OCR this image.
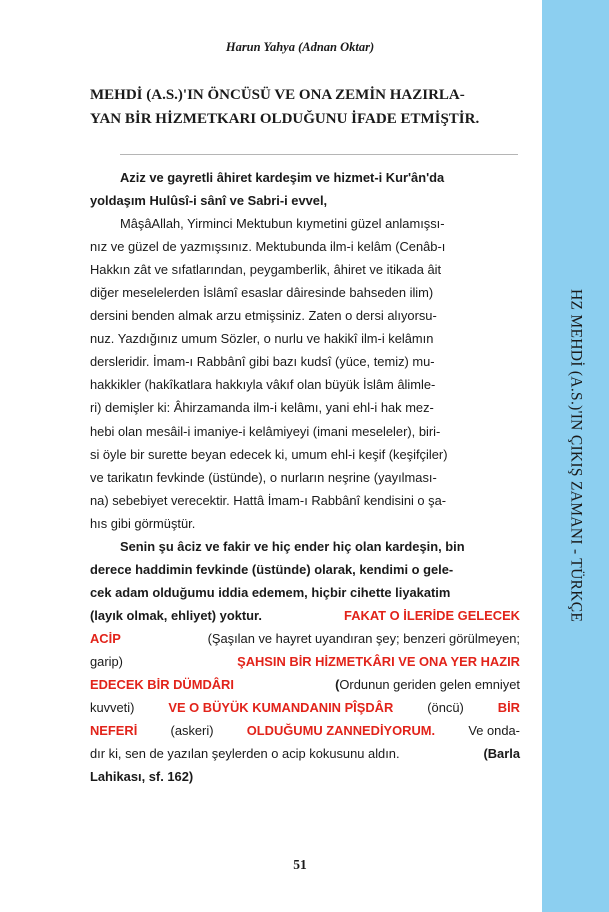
HZ MEHDİ (A.S.)'IN ÇIKIŞ ZAMANI - TÜRKÇE
Harun Yahya (Adnan Oktar)
MEHDİ (A.S.)'IN ÖNCÜSÜ VE ONA ZEMİN HAZIRLA-
YAN BİR HİZMETKARI OLDUĞUNU İFADE ETMİŞTİR.
Aziz ve gayretli âhiret kardeşim ve hizmet-i Kur'ân'da
yoldaşım Hulûsî-i sânî ve Sabri-i evvel,
MâşâAllah, Yirminci Mektubun kıymetini güzel anlamışsı-
nız ve güzel de yazmışsınız. Mektubunda ilm-i kelâm (Cenâb-ı
Hakkın zât ve sıfatlarından, peygamberlik, âhiret ve itikada âit
diğer meselelerden İslâmî esaslar dâiresinde bahseden ilim)
dersini benden almak arzu etmişsiniz. Zaten o dersi alıyorsu-
nuz. Yazdığınız umum Sözler, o nurlu ve hakikî ilm-i kelâmın
dersleridir. İmam-ı Rabbânî gibi bazı kudsî (yüce, temiz) mu-
hakkikler (hakîkatlara hakkıyla vâkıf olan büyük İslâm âlimle-
ri) demişler ki: Âhirzamanda ilm-i kelâmı, yani ehl-i hak mez-
hebi olan mesâil-i imaniye-i kelâmiyeyi (imani meseleler), biri-
si öyle bir surette beyan edecek ki, umum ehl-i keşif (keşifçiler)
ve tarikatın fevkinde (üstünde), o nurların neşrine (yayılması-
na) sebebiyet verecektir. Hattâ İmam-ı Rabbânî kendisini o şa-
hıs gibi görmüştür.
Senin şu âciz ve fakir ve hiç ender hiç olan kardeşin, bin
derece haddimin fevkinde (üstünde) olarak, kendimi o gele-
cek adam olduğumu iddia edemem, hiçbir cihette liyakatim
(layık olmak, ehliyet) yoktur.	FAKAT O İLERİDE GELECEK
ACİP	(Şaşılan ve hayret uyandıran şey; benzeri görülmeyen;
garip)	ŞAHSIN BİR HİZMETKÂRI VE ONA YER HAZIR
EDECEK BİR DÜMDÂRI	(Ordunun geriden gelen emniyet
kuvveti)	VE O BÜYÜK KUMANDANIN PÎŞDÂR	(öncü)	BİR
NEFERİ	(askeri)	OLDUĞUMU ZANNEDİYORUM.	Ve onda-
dır ki, sen de yazılan şeylerden o acip kokusunu aldın.	(Barla
Lahikası, sf. 162)
51
